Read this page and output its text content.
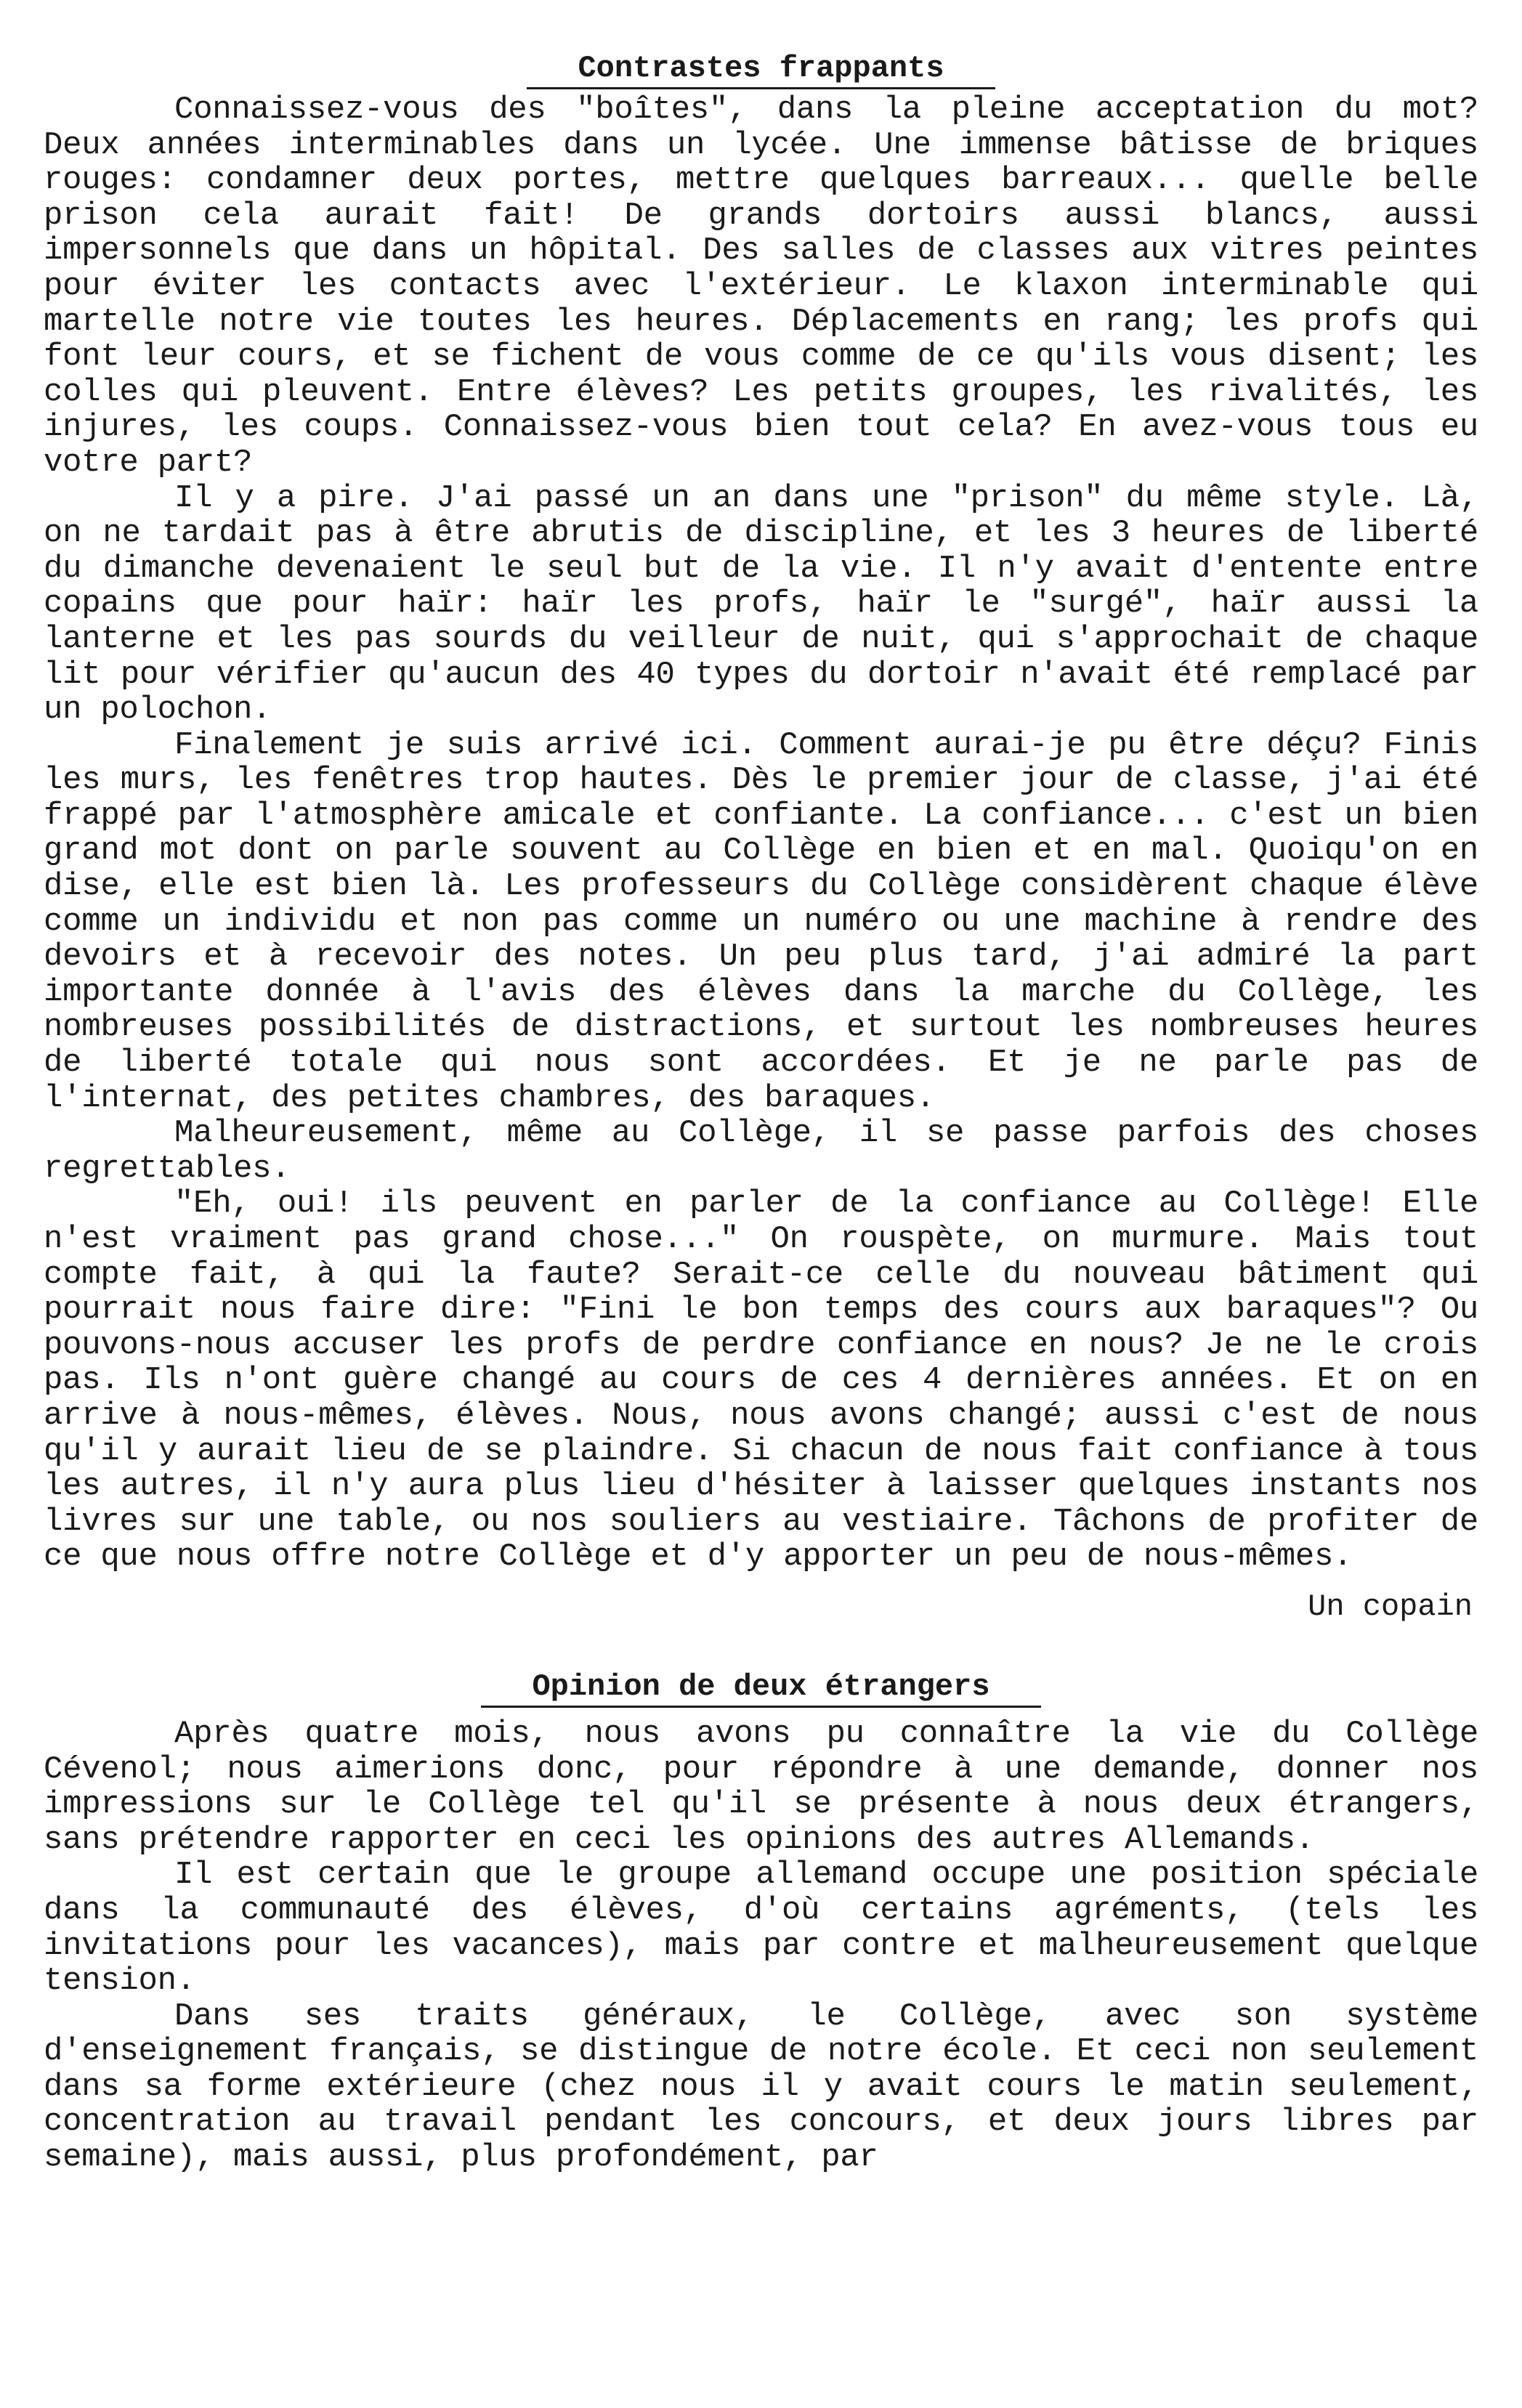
Contrastes frappants

Connaissez-vous des "boîtes", dans la pleine acceptation du mot? Deux années interminables dans un lycée. Une immense bâtisse de briques rouges: condamner deux portes, mettre quelques barreaux... quelle belle prison cela aurait fait! De grands dortoirs aussi blancs, aussi impersonnels que dans un hôpital. Des salles de classes aux vitres peintes pour éviter les contacts avec l'extérieur. Le klaxon interminable qui martelle notre vie toutes les heures. Déplacements en rang; les profs qui font leur cours, et se fichent de vous comme de ce qu'ils vous disent; les colles qui pleuvent. Entre élèves? Les petits groupes, les rivalités, les injures, les coups. Connaissez-vous bien tout cela? En avez-vous tous eu votre part?

Il y a pire. J'ai passé un an dans une "prison" du même style. Là, on ne tardait pas à être abrutis de discipline, et les 3 heures de liberté du dimanche devenaient le seul but de la vie. Il n'y avait d'entente entre copains que pour haïr: haïr les profs, haïr le "surgé", haïr aussi la lanterne et les pas sourds du veilleur de nuit, qui s'approchait de chaque lit pour vérifier qu'aucun des 40 types du dortoir n'avait été remplacé par un polochon.

Finalement je suis arrivé ici. Comment aurai-je pu être déçu? Finis les murs, les fenêtres trop hautes. Dès le premier jour de classe, j'ai été frappé par l'atmosphère amicale et confiante. La confiance... c'est un bien grand mot dont on parle souvent au Collège en bien et en mal. Quoiqu'on en dise, elle est bien là. Les professeurs du Collège considèrent chaque élève comme un individu et non pas comme un numéro ou une machine à rendre des devoirs et à recevoir des notes. Un peu plus tard, j'ai admiré la part importante donnée à l'avis des élèves dans la marche du Collège, les nombreuses possibilités de distractions, et surtout les nombreuses heures de liberté totale qui nous sont accordées. Et je ne parle pas de l'internat, des petites chambres, des baraques.

Malheureusement, même au Collège, il se passe parfois des choses regrettables.

"Eh, oui! ils peuvent en parler de la confiance au Collège! Elle n'est vraiment pas grand chose..." On rouspète, on murmure. Mais tout compte fait, à qui la faute? Serait-ce celle du nouveau bâtiment qui pourrait nous faire dire: "Fini le bon temps des cours aux baraques"? Ou pouvons-nous accuser les profs de perdre confiance en nous? Je ne le crois pas. Ils n'ont guère changé au cours de ces 4 dernières années. Et on en arrive à nous-mêmes, élèves. Nous, nous avons changé; aussi c'est de nous qu'il y aurait lieu de se plaindre. Si chacun de nous fait confiance à tous les autres, il n'y aura plus lieu d'hésiter à laisser quelques instants nos livres sur une table, ou nos souliers au vestiaire. Tâchons de profiter de ce que nous offre notre Collège et d'y apporter un peu de nous-mêmes.

Un copain
Opinion de deux étrangers

Après quatre mois, nous avons pu connaître la vie du Collège Cévenol; nous aimerions donc, pour répondre à une demande, donner nos impressions sur le Collège tel qu'il se présente à nous deux étrangers, sans prétendre rapporter en ceci les opinions des autres Allemands.

Il est certain que le groupe allemand occupe une position spéciale dans la communauté des élèves, d'où certains agréments, (tels les invitations pour les vacances), mais par contre et malheureusement quelque tension.

Dans ses traits généraux, le Collège, avec son système d'enseignement français, se distingue de notre école. Et ceci non seulement dans sa forme extérieure (chez nous il y avait cours le matin seulement, concentration au travail pendant les concours, et deux jours libres par semaine), mais aussi, plus profondément, par
